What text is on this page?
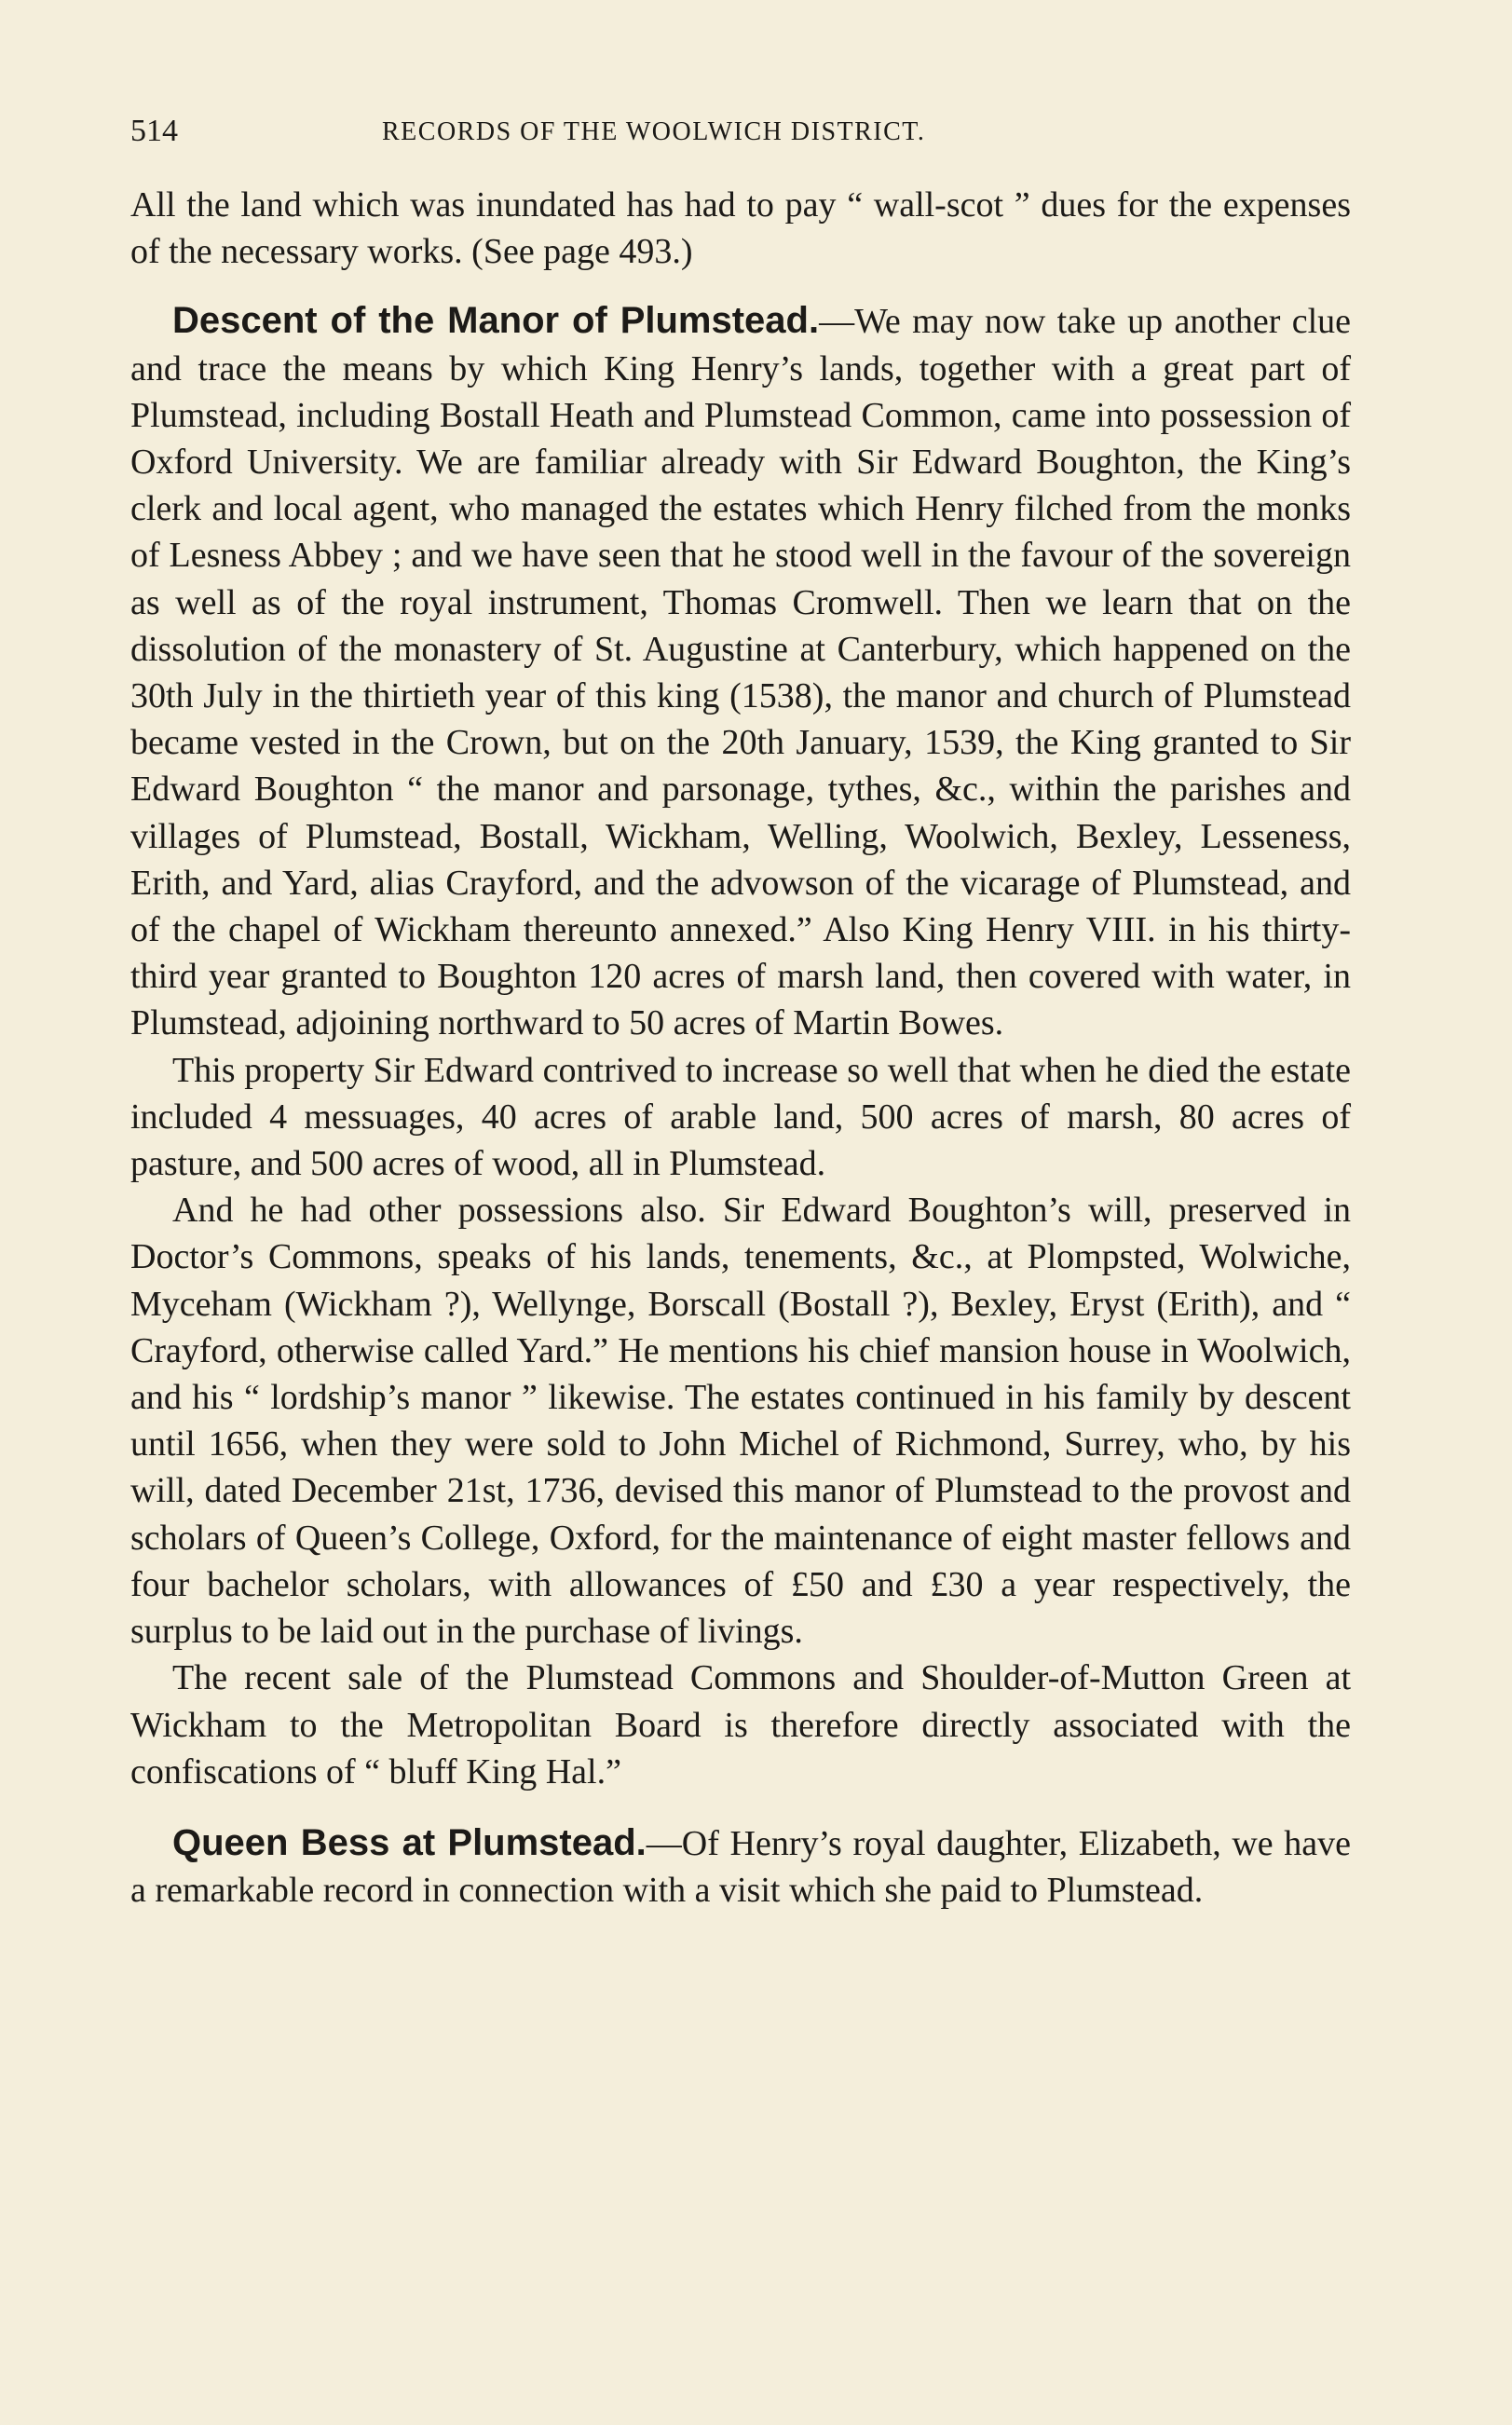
514	RECORDS OF THE WOOLWICH DISTRICT.

All the land which was inundated has had to pay “ wall-scot ” dues for the expenses of the necessary works. (See page 493.)

Descent of the Manor of Plumstead.—We may now take up another clue and trace the means by which King Henry’s lands, together with a great part of Plumstead, including Bostall Heath and Plumstead Common, came into possession of Oxford University. We are familiar already with Sir Edward Boughton, the King’s clerk and local agent, who managed the estates which Henry filched from the monks of Lesness Abbey ; and we have seen that he stood well in the favour of the sovereign as well as of the royal instrument, Thomas Cromwell. Then we learn that on the dissolution of the monastery of St. Augustine at Canterbury, which happened on the 30th July in the thirtieth year of this king (1538), the manor and church of Plumstead became vested in the Crown, but on the 20th January, 1539, the King granted to Sir Edward Boughton “ the manor and parsonage, tythes, &c., within the parishes and villages of Plumstead, Bostall, Wickham, Welling, Woolwich, Bexley, Lesseness, Erith, and Yard, alias Crayford, and the advowson of the vicarage of Plumstead, and of the chapel of Wickham thereunto annexed.” Also King Henry VIII. in his thirty-third year granted to Boughton 120 acres of marsh land, then covered with water, in Plumstead, adjoining northward to 50 acres of Martin Bowes.

This property Sir Edward contrived to increase so well that when he died the estate included 4 messuages, 40 acres of arable land, 500 acres of marsh, 80 acres of pasture, and 500 acres of wood, all in Plumstead.

And he had other possessions also. Sir Edward Boughton’s will, preserved in Doctor’s Commons, speaks of his lands, tenements, &c., at Plompsted, Wolwiche, Myceham (Wickham ?), Wellynge, Borscall (Bostall ?), Bexley, Eryst (Erith), and “ Crayford, otherwise called Yard.” He mentions his chief mansion house in Woolwich, and his “ lordship’s manor ” likewise. The estates continued in his family by descent until 1656, when they were sold to John Michel of Richmond, Surrey, who, by his will, dated December 21st, 1736, devised this manor of Plumstead to the provost and scholars of Queen’s College, Oxford, for the maintenance of eight master fellows and four bachelor scholars, with allowances of £50 and £30 a year respectively, the surplus to be laid out in the purchase of livings.

The recent sale of the Plumstead Commons and Shoulder-of-Mutton Green at Wickham to the Metropolitan Board is therefore directly associated with the confiscations of “ bluff King Hal.”

Queen Bess at Plumstead.—Of Henry’s royal daughter, Elizabeth, we have a remarkable record in connection with a visit which she paid to Plumstead.
